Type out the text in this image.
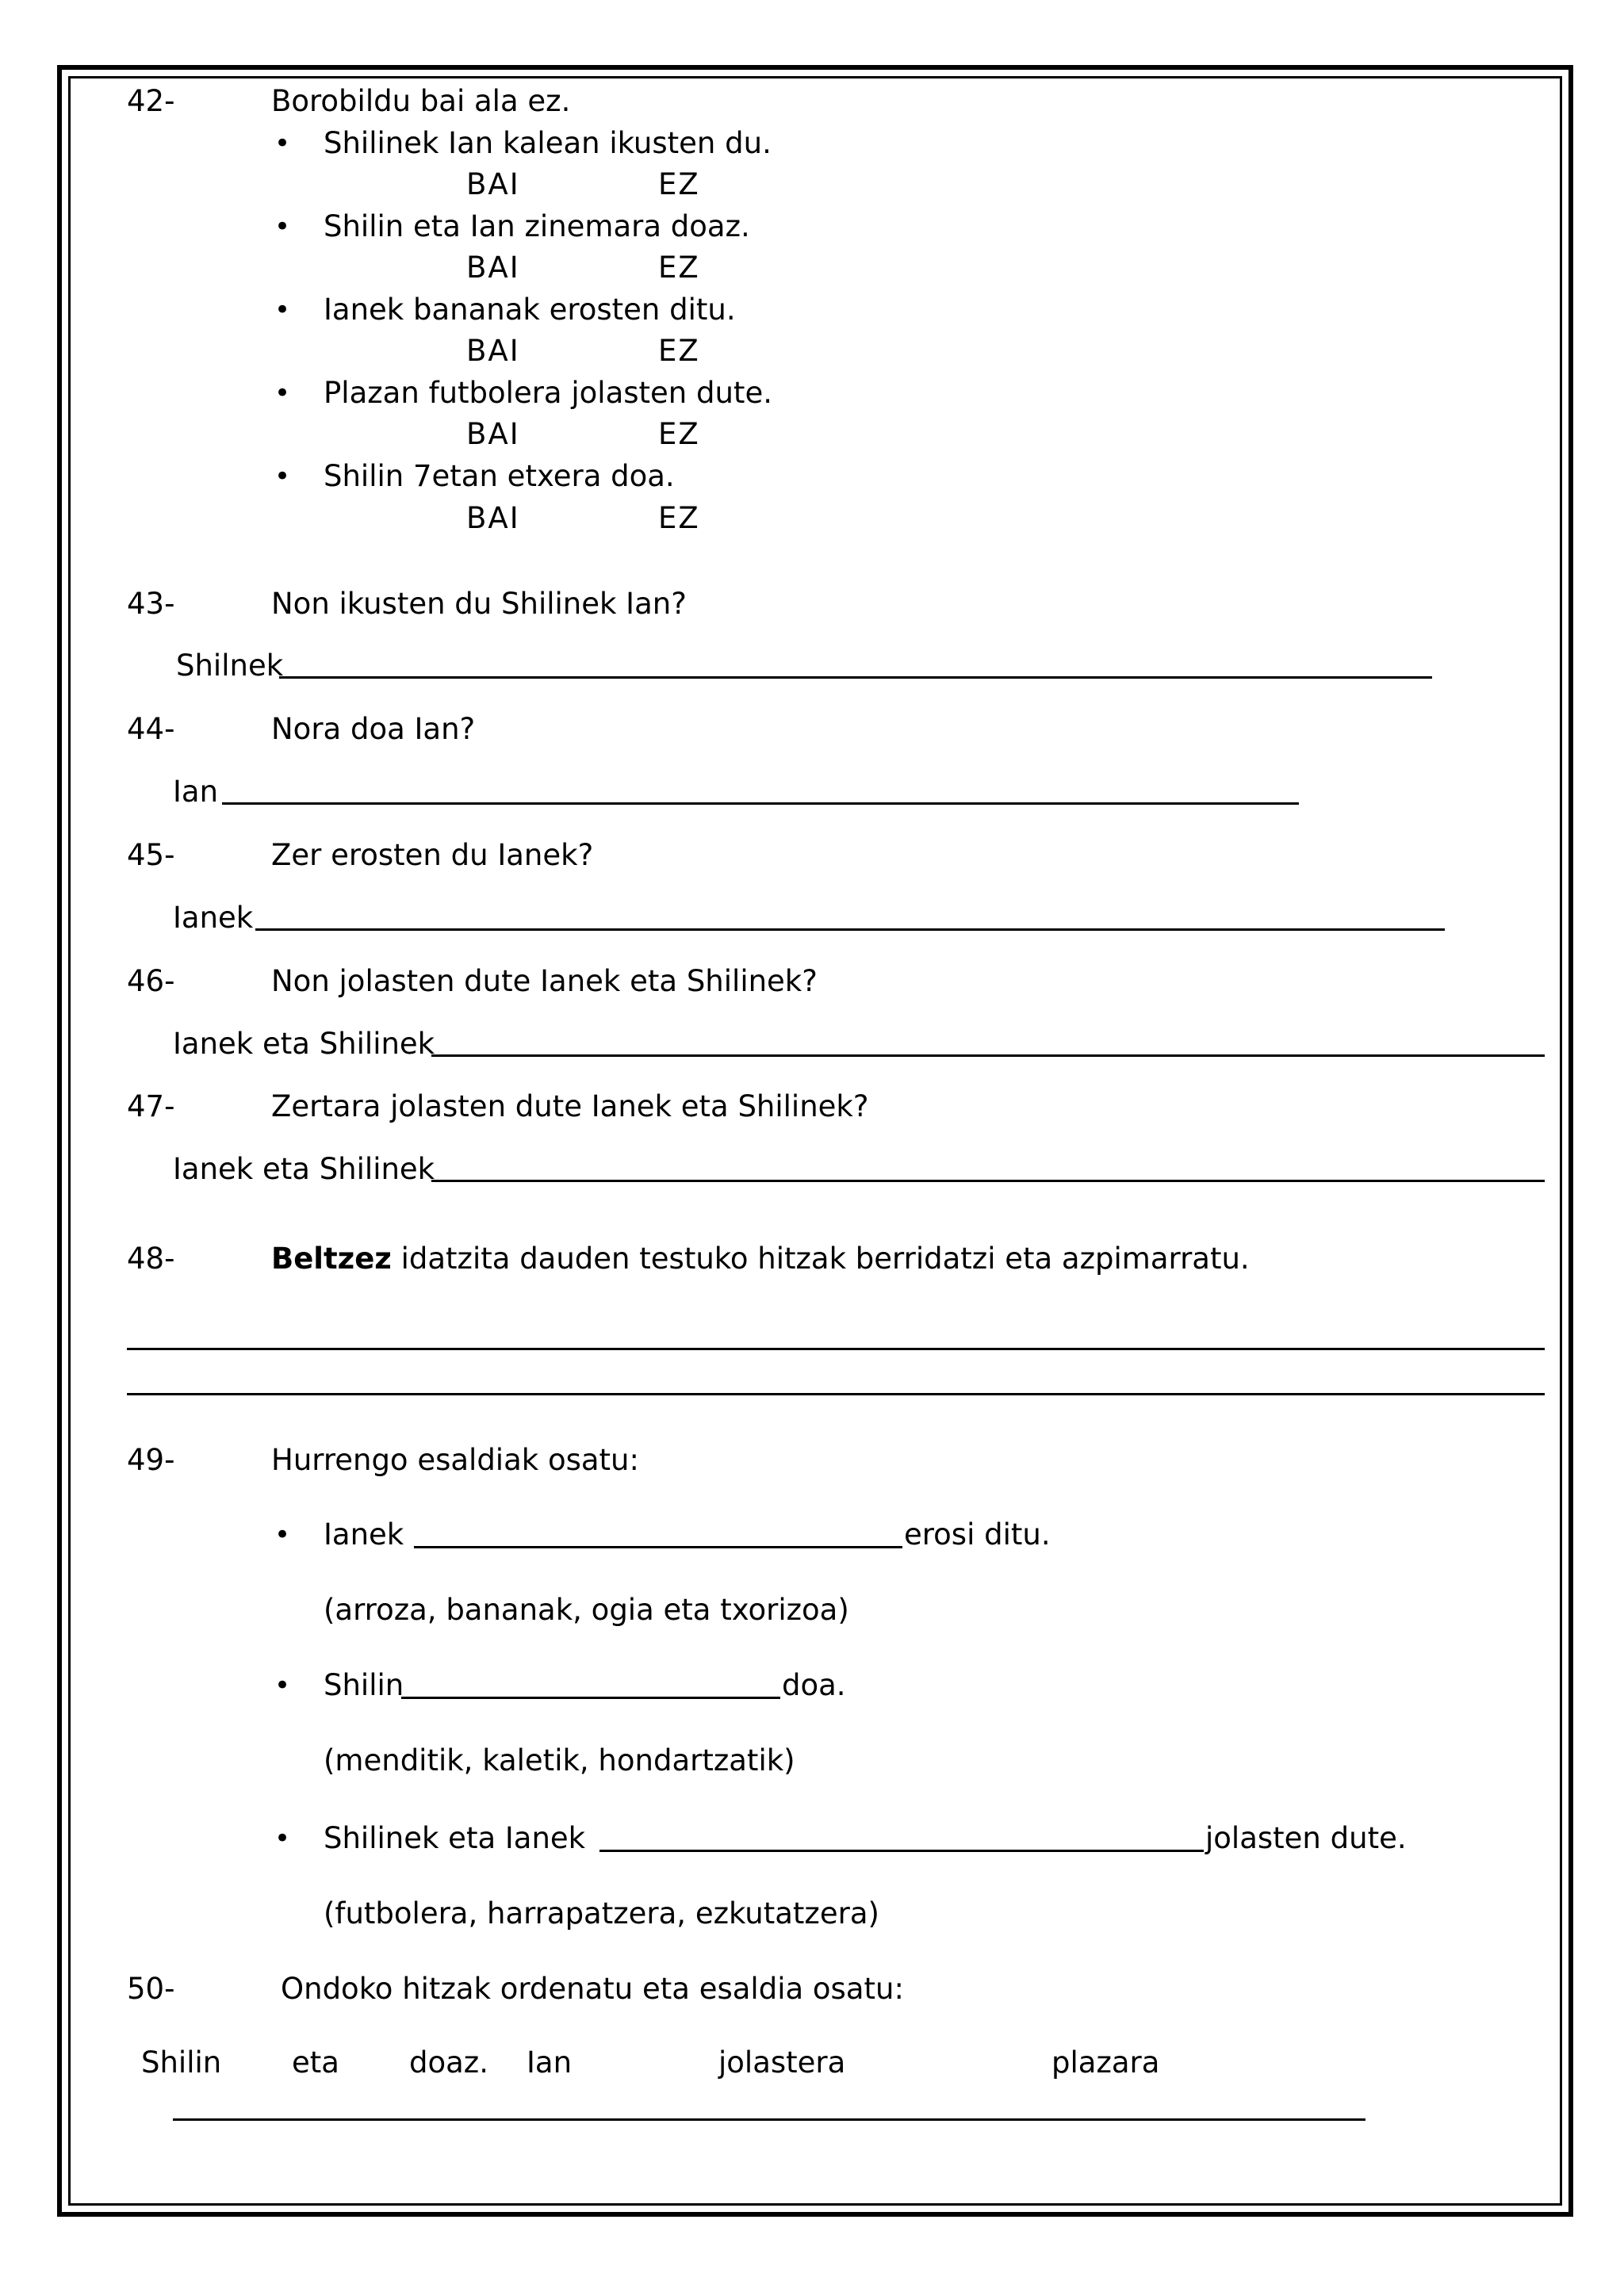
42-	Borobildu bai ala ez.
• Shilinek Ian kalean ikusten du.
BAI	EZ
• Shilin eta Ian zinemara doaz.
BAI	EZ
• Ianek bananak erosten ditu.
BAI	EZ
• Plazan futbolera jolasten dute.
BAI	EZ
• Shilin 7etan etxera doa.
BAI	EZ
43-	Non ikusten du Shilinek Ian?
Shilnek
44-	Nora doa Ian?
Ian
45-	Zer erosten du Ianek?
Ianek
46-	Non jolasten dute Ianek eta Shilinek?
Ianek eta Shilinek
47-	Zertara jolasten dute Ianek eta Shilinek?
Ianek eta Shilinek
48-	Beltzez idatzita dauden testuko hitzak berridatzi eta azpimarratu.
49-	Hurrengo esaldiak osatu:
• Ianek	erosi ditu.
(arroza, bananak, ogia eta txorizoa)
• Shilin	doa.
(menditik, kaletik, hondartzatik)
• Shilinek eta Ianek	jolasten dute.
(futbolera, harrapatzera, ezkutatzera)
50-	Ondoko hitzak ordenatu eta esaldia osatu:
Shilin eta doaz. Ian	jolastera	plazara
